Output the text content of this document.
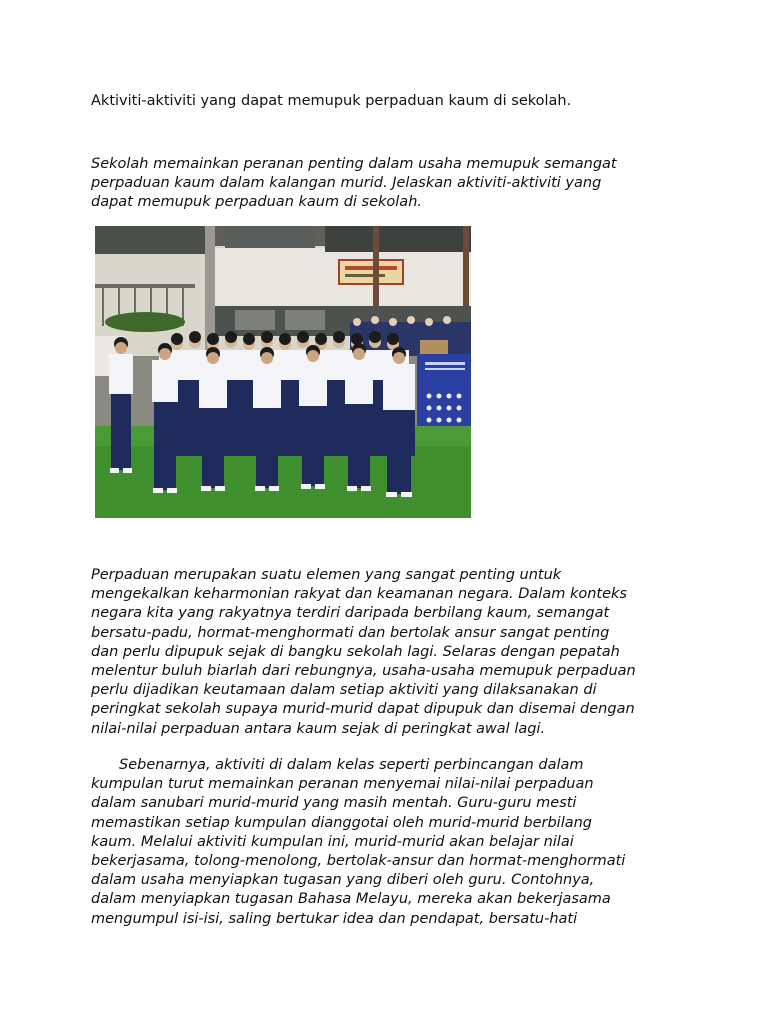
Aktiviti-aktiviti yang dapat memupuk perpaduan kaum di sekolah.
Sekolah memainkan peranan penting dalam usaha memupuk semangat
perpaduan kaum dalam kalangan murid. Jelaskan aktiviti-aktiviti yang
dapat memupuk perpaduan kaum di sekolah.
Perpaduan merupakan suatu elemen yang sangat penting untuk
mengekalkan keharmonian rakyat dan keamanan negara. Dalam konteks
negara kita yang rakyatnya terdiri daripada berbilang kaum, semangat
bersatu-padu, hormat-menghormati dan bertolak ansur sangat penting
dan perlu dipupuk sejak di bangku sekolah lagi. Selaras dengan pepatah
melentur buluh biarlah dari rebungnya, usaha-usaha memupuk perpaduan
perlu dijadikan keutamaan dalam setiap aktiviti yang dilaksanakan di
peringkat sekolah supaya murid-murid dapat dipupuk dan disemai dengan
nilai-nilai perpaduan antara kaum sejak di peringkat awal lagi.
Sebenarnya, aktiviti di dalam kelas seperti perbincangan dalam
kumpulan turut memainkan peranan menyemai nilai-nilai perpaduan
dalam sanubari murid-murid yang masih mentah. Guru-guru mesti
memastikan setiap kumpulan dianggotai oleh murid-murid berbilang
kaum. Melalui aktiviti kumpulan ini, murid-murid akan belajar nilai
bekerjasama, tolong-menolong, bertolak-ansur dan hormat-menghormati
dalam usaha menyiapkan tugasan yang diberi oleh guru. Contohnya,
dalam menyiapkan tugasan Bahasa Melayu, mereka akan bekerjasama
mengumpul isi-isi, saling bertukar idea dan pendapat, bersatu-hati
